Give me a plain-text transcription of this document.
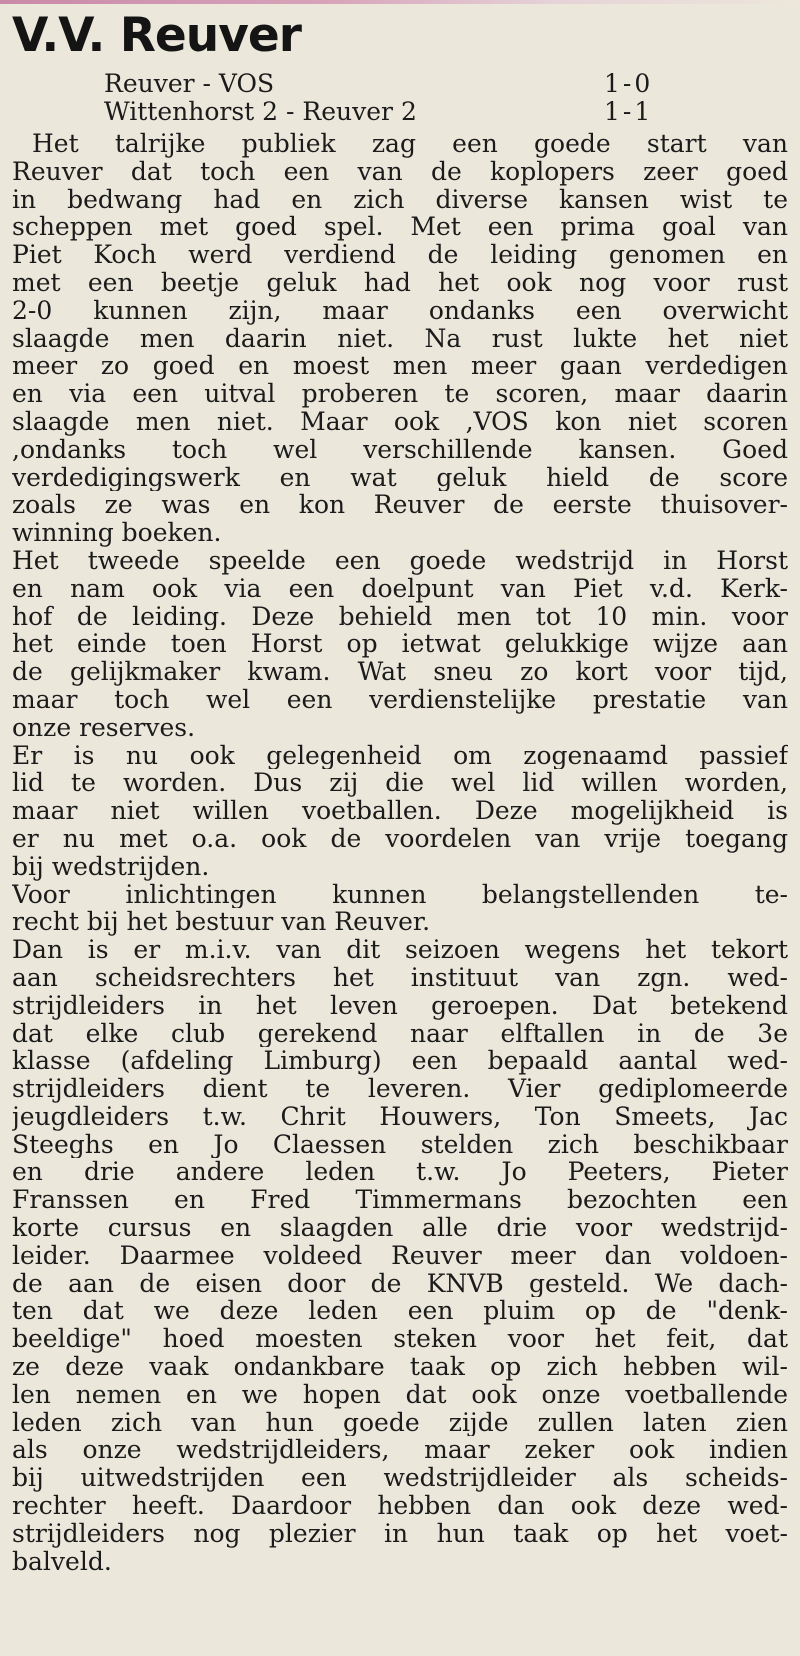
V.V. Reuver
Reuver - VOS	1-0
Wittenhorst 2 - Reuver 2	1-1
Het talrijke publiek zag een goede start van
Reuver dat toch een van de koplopers zeer goed
in bedwang had en zich diverse kansen wist te
scheppen met goed spel. Met een prima goal van
Piet Koch werd verdiend de leiding genomen en
met een beetje geluk had het ook nog voor rust
2-0 kunnen zijn, maar ondanks een overwicht
slaagde men daarin niet. Na rust lukte het niet
meer zo goed en moest men meer gaan verdedigen
en via een uitval proberen te scoren, maar daarin
slaagde men niet. Maar ook ,VOS kon niet scoren
,ondanks toch wel verschillende kansen. Goed
verdedigingswerk en wat geluk hield de score
zoals ze was en kon Reuver de eerste thuisover-
winning boeken.
Het tweede speelde een goede wedstrijd in Horst
en nam ook via een doelpunt van Piet v.d. Kerk-
hof de leiding. Deze behield men tot 10 min. voor
het einde toen Horst op ietwat gelukkige wijze aan
de gelijkmaker kwam. Wat sneu zo kort voor tijd,
maar toch wel een verdienstelijke prestatie van
onze reserves.
Er is nu ook gelegenheid om zogenaamd passief
lid te worden. Dus zij die wel lid willen worden,
maar niet willen voetballen. Deze mogelijkheid is
er nu met o.a. ook de voordelen van vrije toegang
bij wedstrijden.
Voor inlichtingen kunnen belangstellenden te-
recht bij het bestuur van Reuver.
Dan is er m.i.v. van dit seizoen wegens het tekort
aan scheidsrechters het instituut van zgn. wed-
strijdleiders in het leven geroepen. Dat betekend
dat elke club gerekend naar elftallen in de 3e
klasse (afdeling Limburg) een bepaald aantal wed-
strijdleiders dient te leveren. Vier gediplomeerde
jeugdleiders t.w. Chrit Houwers, Ton Smeets, Jac
Steeghs en Jo Claessen stelden zich beschikbaar
en drie andere leden t.w. Jo Peeters, Pieter
Franssen en Fred Timmermans bezochten een
korte cursus en slaagden alle drie voor wedstrijd-
leider. Daarmee voldeed Reuver meer dan voldoen-
de aan de eisen door de KNVB gesteld. We dach-
ten dat we deze leden een pluim op de "denk-
beeldige" hoed moesten steken voor het feit, dat
ze deze vaak ondankbare taak op zich hebben wil-
len nemen en we hopen dat ook onze voetballende
leden zich van hun goede zijde zullen laten zien
als onze wedstrijdleiders, maar zeker ook indien
bij uitwedstrijden een wedstrijdleider als scheids-
rechter heeft. Daardoor hebben dan ook deze wed-
strijdleiders nog plezier in hun taak op het voet-
balveld.
